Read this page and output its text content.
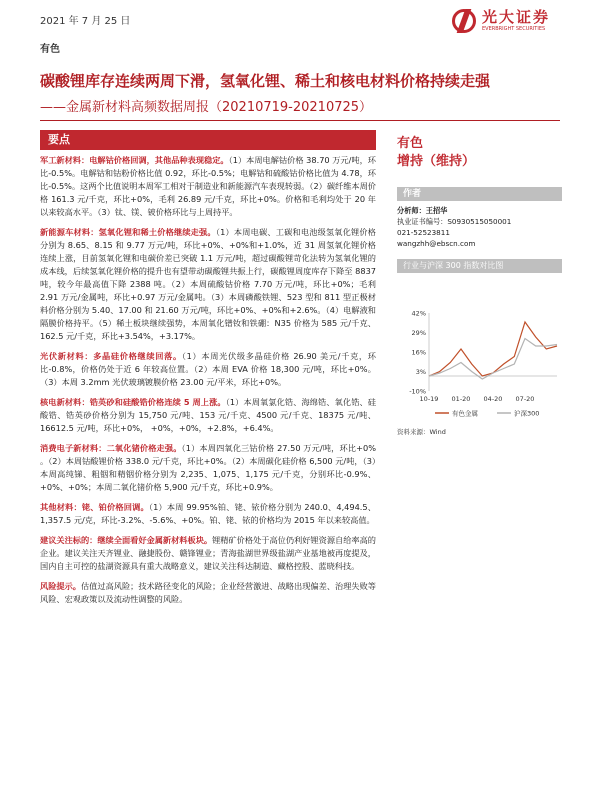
2021 年 7 月 25 日	光大证券
EVERBRIGHT SECURITIES
有色
碳酸锂库存连续两周下滑，氢氧化锂、稀土和核电材料价格持续走强
——金属新材料高频数据周报（20210719-20210725）
要点
军工新材料：电解钴价格回调，其他品种表现稳定。（1）本周电解钴价格 38.70 万元/吨，环比-0.5%。电解钴和钴粉价格比值 0.92，环比-0.5%；电解钴和硫酸钴价格比值为 4.78，环比-0.5%。这两个比值说明本周军工相对于制造业和新能源汽车表现转弱。（2）碳纤维本周价格 161.3 元/千克，环比+0%，毛利 26.89 元/千克，环比+0%。价格和毛利均处于 20 年以来较高水平。（3）钛、镁、铍价格环比与上周持平。
新能源车材料：氢氧化锂和稀土价格继续走强。（1）本周电碳、工碳和电池级氢氧化锂价格分别为 8.65、8.15 和 9.77 万元/吨，环比+0%、+0%和+1.0%，近 31 周氢氧化锂价格连续上涨，目前氢氧化锂和电碳价差已突破 1.1 万元/吨，超过碳酸锂苛化法转为氢氧化锂的成本线，后续氢氧化锂价格的提升也有望带动碳酸锂共振上行，碳酸锂周度库存下降至 8837 吨，较今年最高值下降 2388 吨。（2）本周硫酸钴价格 7.70 万元/吨，环比+0%；毛利 2.91 万元/金属吨，环比+0.97 万元/金属吨。（3）本周磷酸铁锂、523 型和 811 型正极材料价格分别为 5.40、17.00 和 21.60 万元/吨，环比+0%、+0%和+2.6%。（4）电解液和隔膜价格持平。（5）稀土板块继续强势，本周氧化镨钕和铁硼：N35 价格为 585 元/千克、162.5 元/千克，环比+3.54%，+3.17%。
光伏新材料：多晶硅价格继续回落。（1）本周光伏级多晶硅价格 26.90 美元/千克，环比-0.8%，价格仍处于近 6 年较高位置。（2）本周 EVA 价格 18,300 元/吨，环比+0%。（3）本周 3.2mm 光伏玻璃镀膜价格 23.00 元/平米，环比+0%。
核电新材料：锆英砂和硅酸锆价格连续 5 周上涨。（1）本周氧氯化锆、海绵锆、氧化锆、硅酸锆、锆英砂价格分别为 15,750 元/吨、153 元/千克、4500 元/千克、18375 元/吨、16612.5 元/吨，环比+0%， +0%，+0%，+2.8%，+6.4%。
消费电子新材料：二氧化锗价格走强。（1）本周四氧化三钴价格 27.50 万元/吨，环比+0% 。（2）本周钴酸锂价格 338.0 元/千克，环比+0%。（2）本周碳化硅价格 6,500 元/吨，（3）本周高纯锑、粗铟和精铟价格分别为 2,235、1,075、1,175 元/千克，分别环比-0.9%、+0%、+0%；本周二氧化锗价格 5,900 元/千克，环比+0.9%。
其他材料：铑、铂价格回调。（1）本周 99.95%铂、铑、铱价格分别为 240.0、4,494.5、1,357.5 元/克，环比-3.2%、-5.6%、+0%。铂、铑、铱的价格均为 2015 年以来较高值。
建议关注标的：继续全面看好金属新材料板块。锂精矿价格处于高位仍利好锂资源自给率高的企业。建议关注天齐锂业、融捷股份、赣锋锂业；青海盐湖世界级盐湖产业基地被再度提及，国内自主可控的盐湖资源具有重大战略意义，建议关注科达制造、藏格控股、蓝晓科技。
风险提示。估值过高风险；技术路径变化的风险；企业经营激进、战略出现偏差、治理失败等风险、宏观政策以及流动性调整的风险。
有色
增持（维持）
作者
分析师：王招华
执业证书编号：S0930515050001
021-52523811
wangzhh@ebscn.com
行业与沪深 300 指数对比图
-10%
3%
16%
29%
42%
10-19 01-20 04-20 07-20
有色金属	沪深300
资料来源：Wind
